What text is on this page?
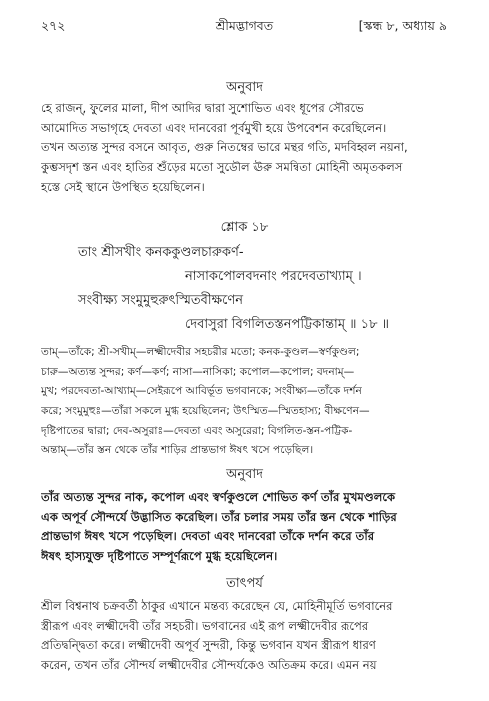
২৭২	শ্রীমদ্ভাগবত	[স্কন্ধ ৮, অধ্যায় ৯
অনুবাদ
হে রাজন্, ফুলের মালা, দীপ আদির দ্বারা সুশোভিত এবং ধূপের সৌরভে
আমোদিত সভাগৃহে দেবতা এবং দানবেরা পূর্বমুখী হয়ে উপবেশন করেছিলেন।
তখন অত্যন্ত সুন্দর বসনে আবৃত, গুরু নিতম্বের ভারে মন্থর গতি, মদবিহ্বল নয়না,
কুম্ভসদৃশ স্তন এবং হাতির শুঁড়ের মতো সুডৌল ঊরু সমন্বিতা মোহিনী অমৃতকলস
হস্তে সেই স্থানে উপস্থিত হয়েছিলেন।
শ্লোক ১৮
তাং শ্রীসখীং কনককুণ্ডলচারুকর্ণ-
নাসাকপোলবদনাং পরদেবতাখ্যাম্ ।
সংবীক্ষ্য সংমুমুহুরুৎস্মিতবীক্ষণেন
দেবাসুরা বিগলিতস্তনপট্টিকান্তাম্ ॥ ১৮ ॥
তাম্—তাঁকে; শ্রী-সখীম্—লক্ষ্মীদেবীর সহচরীর মতো; কনক-কুণ্ডল—স্বর্ণকুণ্ডল;
চারু—অত্যন্ত সুন্দর; কর্ণ—কর্ণ; নাসা—নাসিকা; কপোল—কপোল; বদনাম্—
মুখ; পরদেবতা-আখ্যাম্—সেইরূপে আবির্ভূত ভগবানকে; সংবীক্ষ্য—তাঁকে দর্শন
করে; সংমুমুহুঃ—তাঁরা সকলে মুগ্ধ হয়েছিলেন; উৎস্মিত—স্মিতহাস্য; বীক্ষণেন—
দৃষ্টিপাতের দ্বারা; দেব-অসুরাঃ—দেবতা এবং অসুরেরা; বিগলিত-স্তন-পট্টিক-
অন্তাম্—তাঁর স্তন থেকে তাঁর শাড়ির প্রান্তভাগ ঈষৎ খসে পড়েছিল।
অনুবাদ
তাঁর অত্যন্ত সুন্দর নাক, কপোল এবং স্বর্ণকুণ্ডলে শোভিত কর্ণ তাঁর মুখমণ্ডলকে
এক অপূর্ব সৌন্দর্যে উদ্ভাসিত করেছিল। তাঁর চলার সময় তাঁর স্তন থেকে শাড়ির
প্রান্তভাগ ঈষৎ খসে পড়েছিল। দেবতা এবং দানবেরা তাঁকে দর্শন করে তাঁর
ঈষৎ হাস্যযুক্ত দৃষ্টিপাতে সম্পূর্ণরূপে মুগ্ধ হয়েছিলেন।
তাৎপর্য
শ্রীল বিশ্বনাথ চক্রবর্তী ঠাকুর এখানে মন্তব্য করেছেন যে, মোহিনীমূর্তি ভগবানের
স্ত্রীরূপ এবং লক্ষ্মীদেবী তাঁর সহচরী। ভগবানের এই রূপ লক্ষ্মীদেবীর রূপের
প্রতিদ্বন্দ্বিতা করে। লক্ষ্মীদেবী অপূর্ব সুন্দরী, কিন্তু ভগবান যখন স্ত্রীরূপ ধারণ
করেন, তখন তাঁর সৌন্দর্য লক্ষ্মীদেবীর সৌন্দর্যকেও অতিক্রম করে। এমন নয়
